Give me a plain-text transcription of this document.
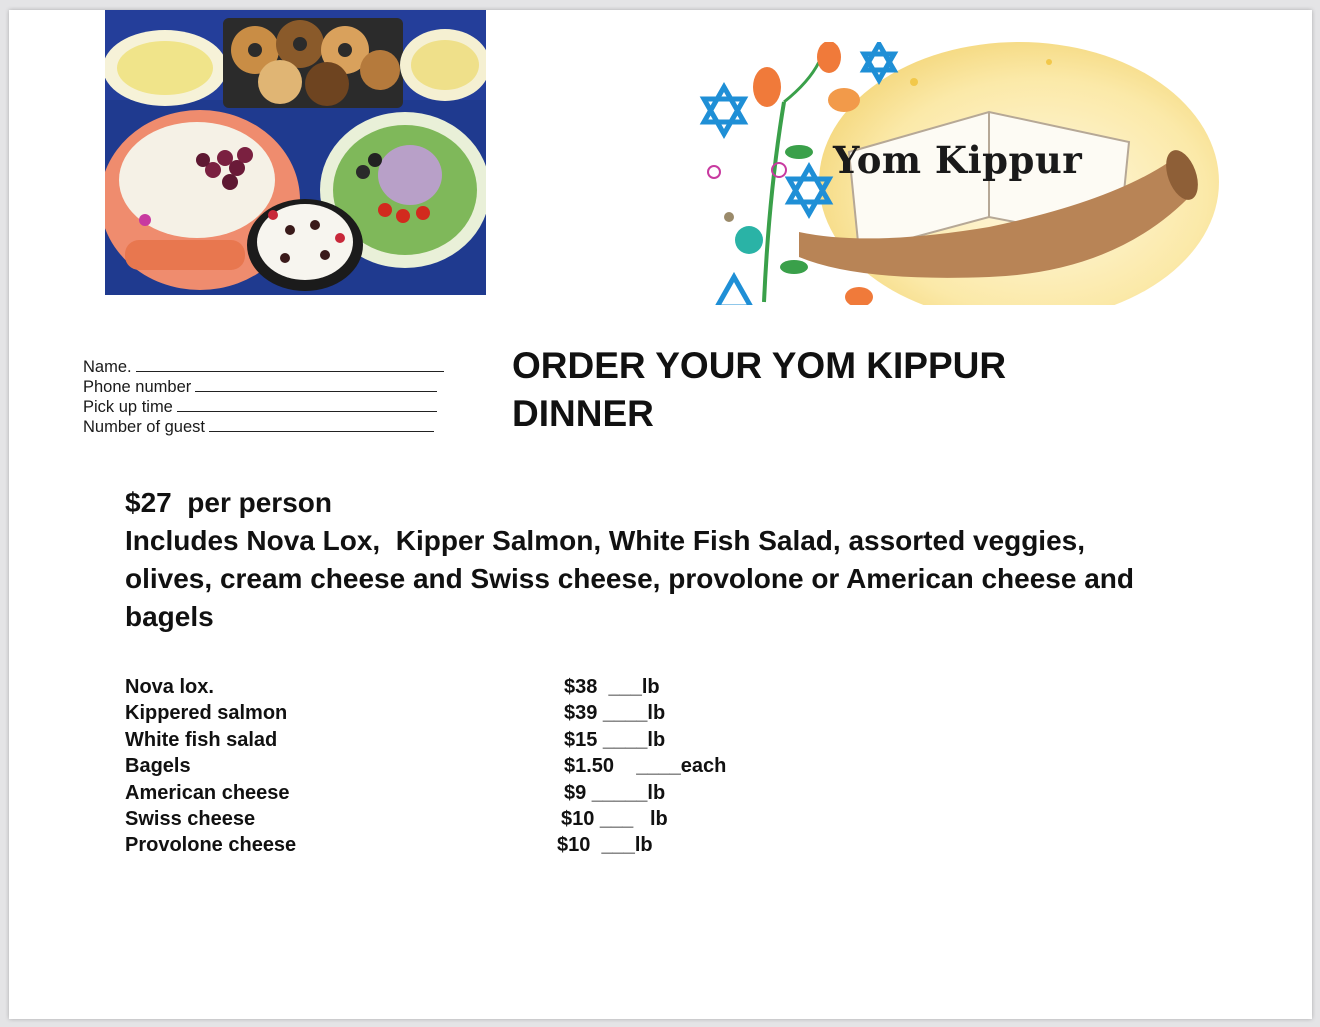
Yom Kippur
Name.
Phone number
Pick up time
Number of guest
ORDER YOUR YOM KIPPUR
DINNER
$27  per person
Includes Nova Lox,  Kipper Salmon, White Fish Salad, assorted veggies, olives, cream cheese and Swiss cheese, provolone or American cheese and bagels
Nova lox.	$38  ___lb
Kippered salmon	$39 ____lb
White fish salad	$15 ____lb
Bagels	$1.50    ____each
American cheese	$9 _____lb
Swiss cheese	$10 ___   lb
Provolone cheese	$10  ___lb
